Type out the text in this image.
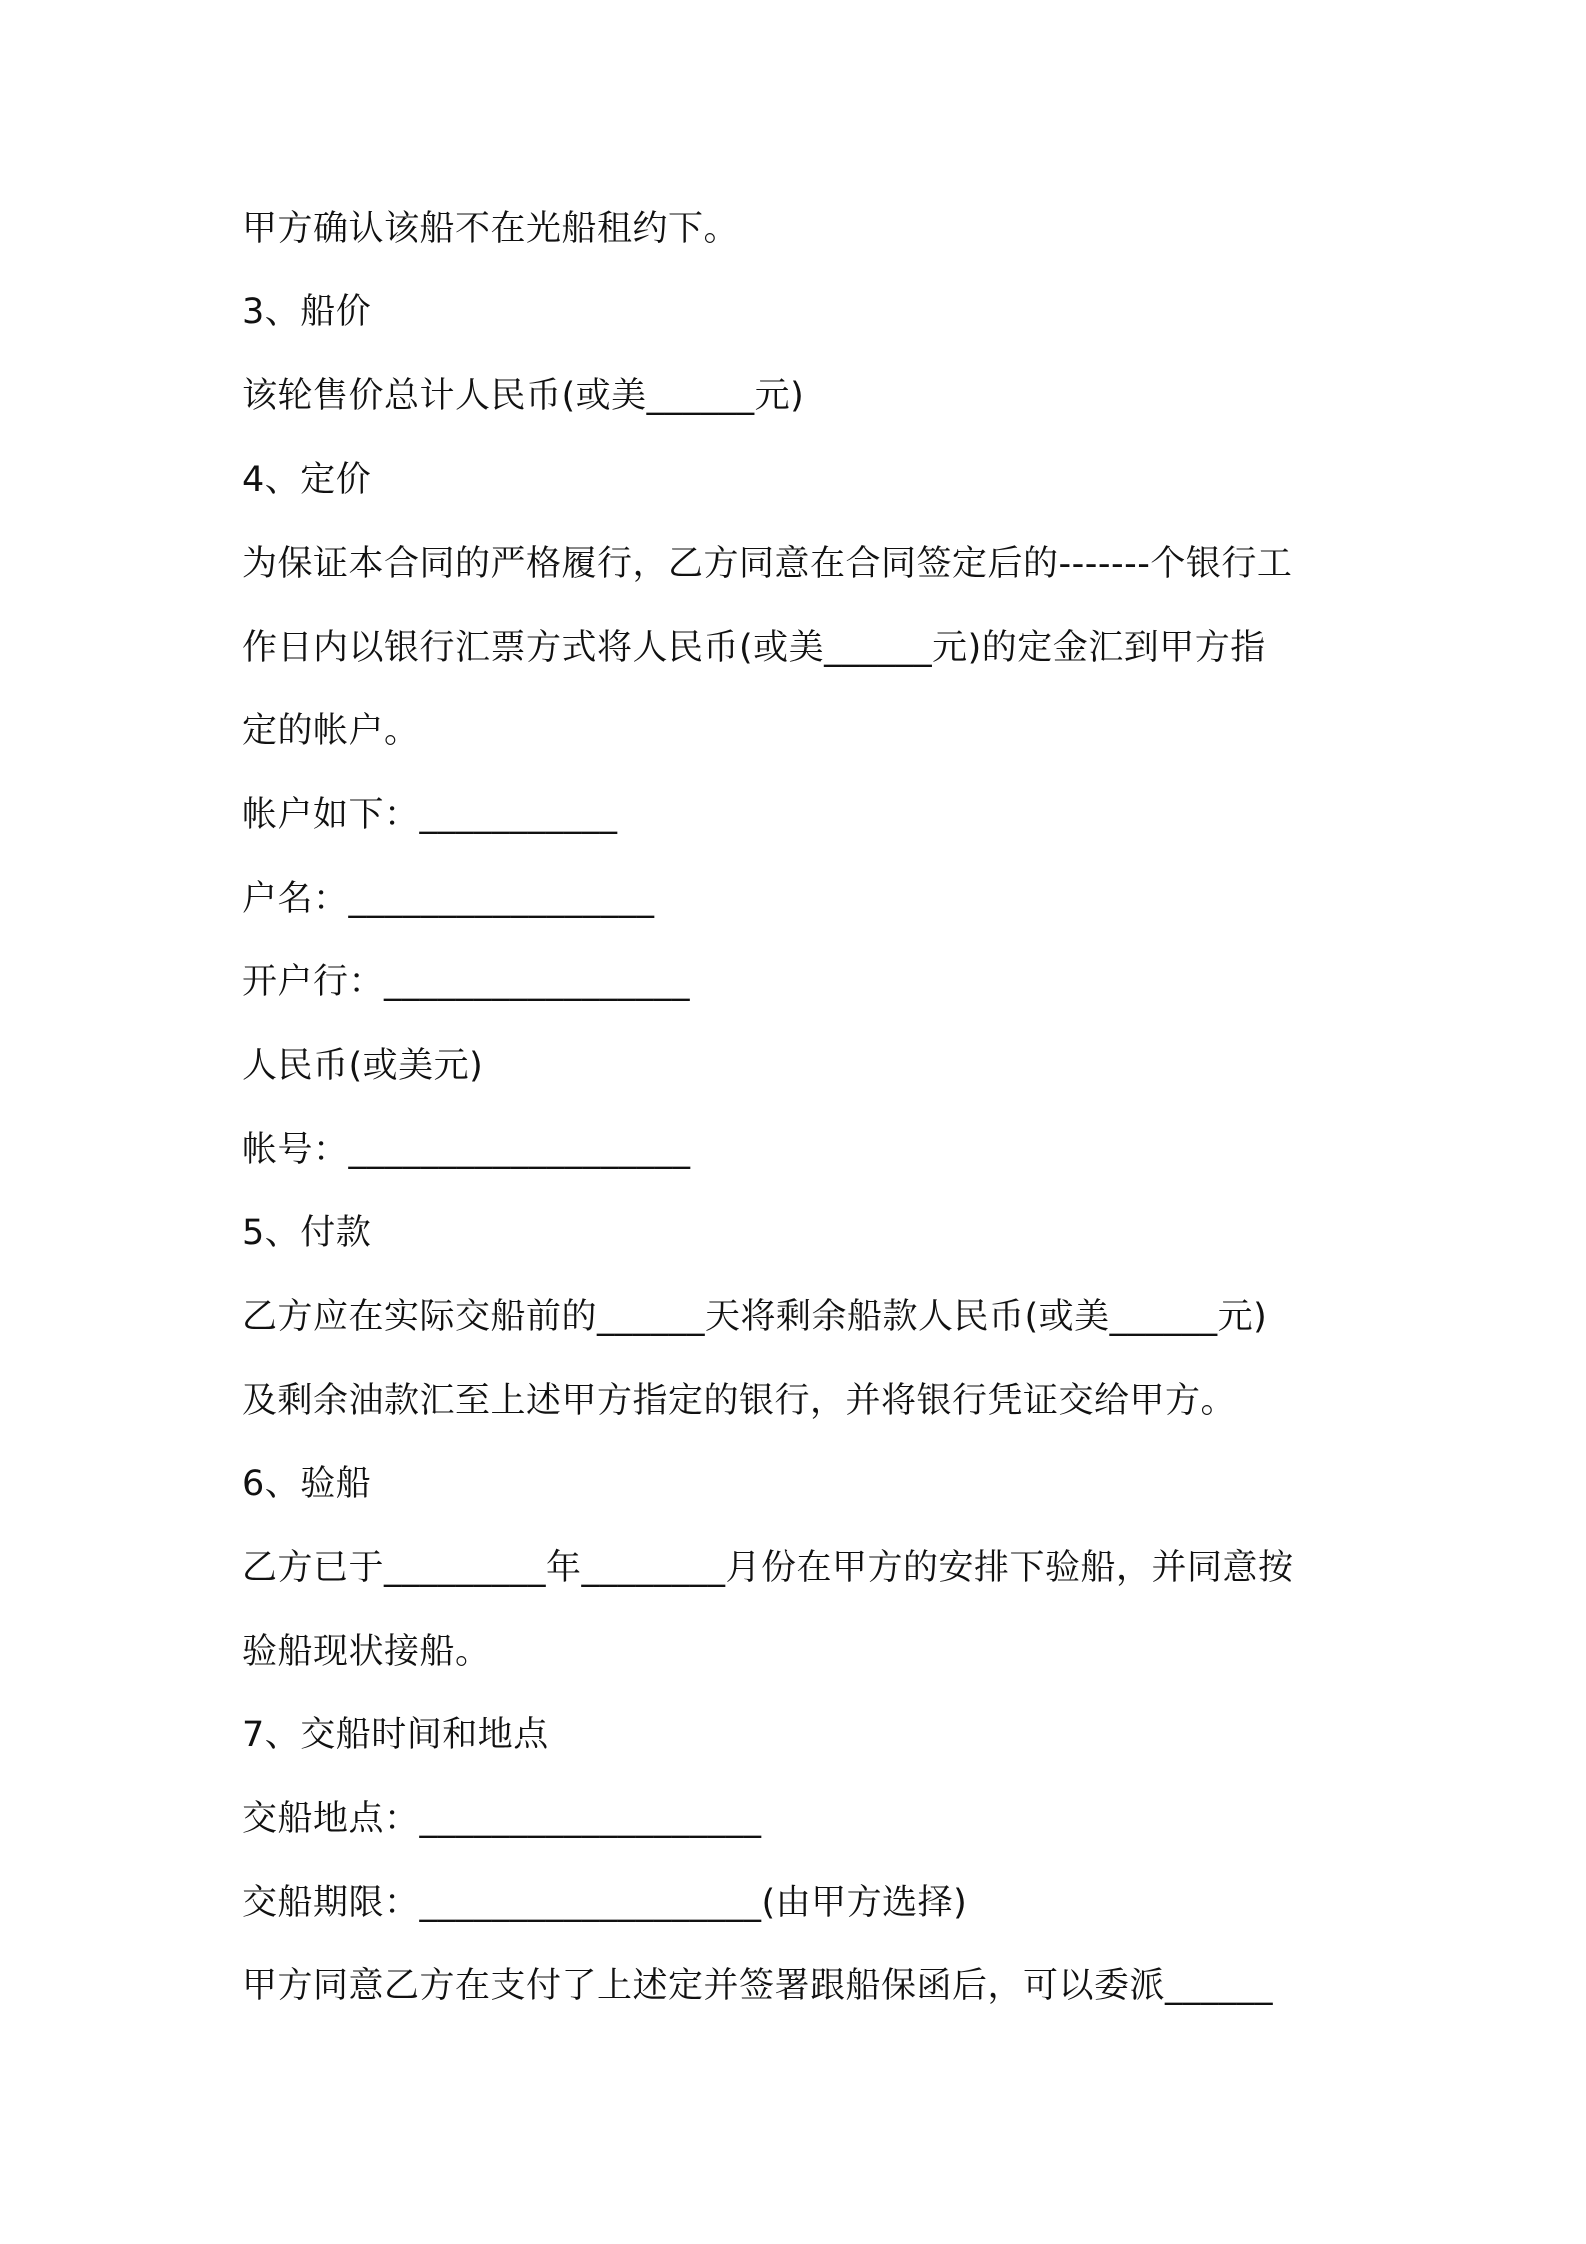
甲方确认该船不在光船租约下。
3、船价
该轮售价总计人民币(或美______元)
4、定价
为保证本合同的严格履行，乙方同意在合同签定后的-------个银行工
作日内以银行汇票方式将人民币(或美______元)的定金汇到甲方指
定的帐户。
帐户如下：___________
户名：_________________
开户行：_________________
人民币(或美元)
帐号：___________________
5、付款
乙方应在实际交船前的______天将剩余船款人民币(或美______元)
及剩余油款汇至上述甲方指定的银行，并将银行凭证交给甲方。
6、验船
乙方已于_________年________月份在甲方的安排下验船，并同意按
验船现状接船。
7、交船时间和地点
交船地点：___________________
交船期限：___________________(由甲方选择)
甲方同意乙方在支付了上述定并签署跟船保函后，可以委派______
